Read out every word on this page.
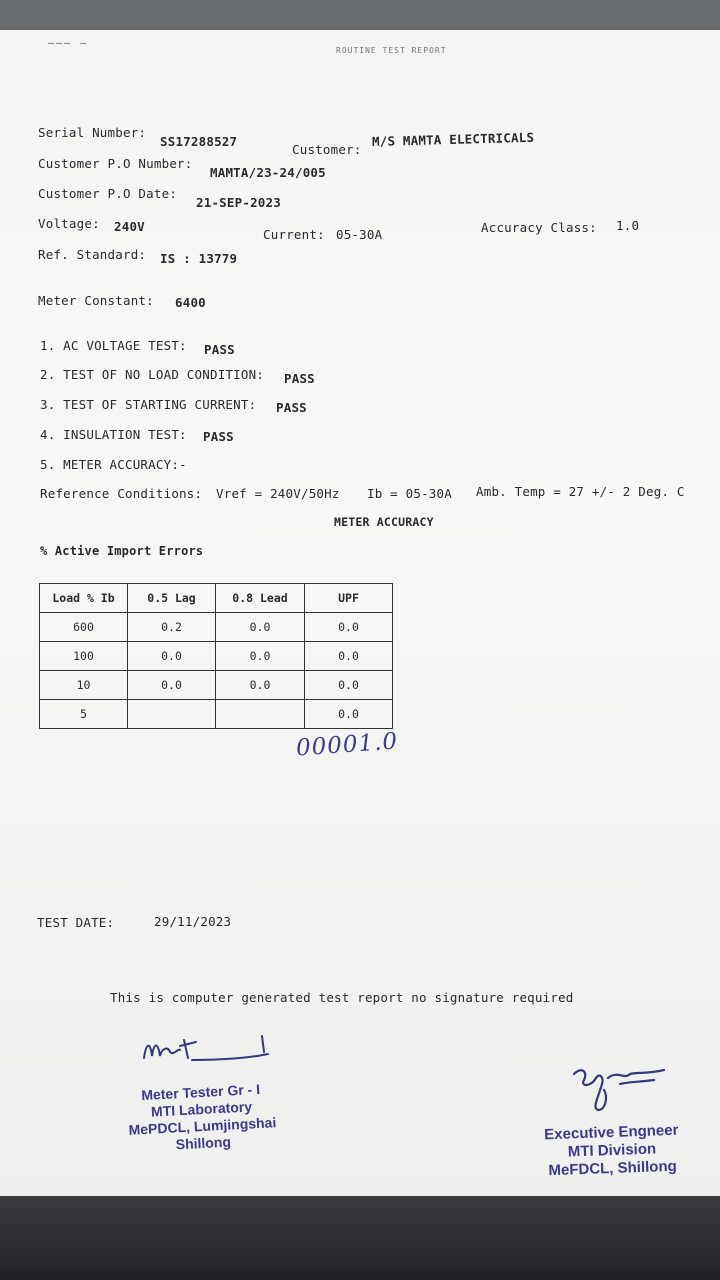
——— —
ROUTINE TEST REPORT
Serial Number:
SS17288527
Customer:
M/S MAMTA ELECTRICALS
Customer P.O Number:
MAMTA/23-24/005
Customer P.O Date:
21-SEP-2023
Voltage: 240V
Current: 05-30A	Accuracy Class: 1.0
Ref. Standard: IS : 13779
Meter Constant: 6400
1. AC VOLTAGE TEST: PASS
2. TEST OF NO LOAD CONDITION: PASS
3. TEST OF STARTING CURRENT: PASS
4. INSULATION TEST: PASS
5. METER ACCURACY:-
Reference Conditions: Vref = 240V/50Hz Ib = 05-30A Amb. Temp = 27 +/- 2 Deg. C
METER ACCURACY
% Active Import Errors
00001.0
TEST DATE:	29/11/2023
This is computer generated test report no signature required
Meter Tester Gr - I
MTI Laboratory
MePDCL, Lumjingshai
Shillong	Executive Engneer
MTI Division
MeFDCL, Shillong
Load % Ib	0.5 Lag	0.8 Lead	UPF
600	0.2	0.0	0.0
100	0.0	0.0	0.0
10	0.0	0.0	0.0
5			0.0
